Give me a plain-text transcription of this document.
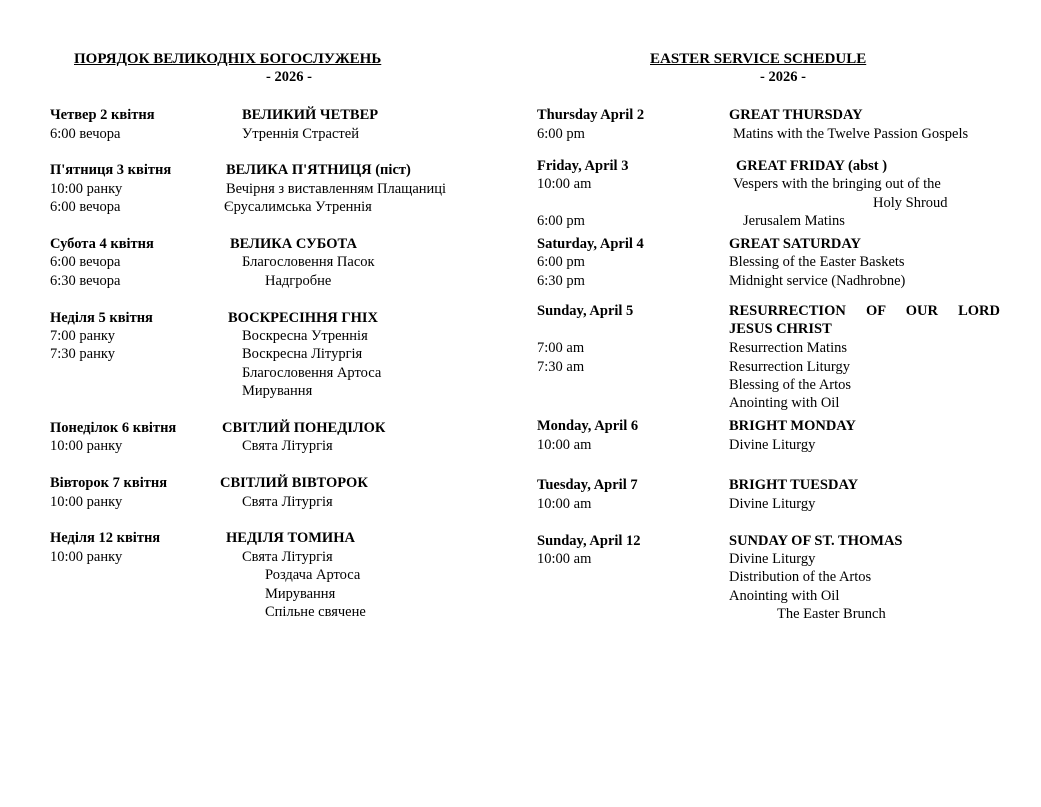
ПОРЯДОК ВЕЛИКОДНІХ БОГОСЛУЖЕНЬ
- 2026 -
Четвер 2 квітня	ВЕЛИКИЙ ЧЕТВЕР
6:00 вечора	Утреннія Страстей
П'ятниця 3 квітня	ВЕЛИКА П'ЯТНИЦЯ (піст)
10:00 ранку	Вечірня з виставленням Плащаниці
6:00 вечора	Єрусалимська Утреннія
Субота 4 квітня	ВЕЛИКА СУБОТА
6:00 вечора	Благословення Пасок
6:30 вечора	Надгробне
Неділя 5 квітня	ВОСКРЕСІННЯ ГНІХ
7:00 ранку	Воскресна Утреннія
7:30 ранку	Воскресна Літургія
Благословення Артоса
Мирування
Понеділок 6 квітня	СВІТЛИЙ ПОНЕДІЛОК
10:00 ранку	Свята Літургія
Вівторок 7 квітня	СВІТЛИЙ ВІВТОРОК
10:00 ранку	Свята Літургія
Неділя 12 квітня	НЕДІЛЯ ТОМИНА
10:00 ранку	Свята Літургія
Роздача Артоса
Мирування
Спільне свячене
EASTER SERVICE SCHEDULE
- 2026 -
Thursday April 2	GREAT THURSDAY
6:00 pm	Matins with the Twelve Passion Gospels
Friday, April 3	GREAT FRIDAY (abst )
10:00 am	Vespers with the bringing out of the
Holy Shroud
6:00 pm	Jerusalem Matins
Saturday, April 4	GREAT SATURDAY
6:00 pm	Blessing of the Easter Baskets
6:30 pm	Midnight service (Nadhrobne)
Sunday, April 5	RESURRECTION OF OUR LORD
JESUS CHRIST
7:00 am	Resurrection Matins
7:30 am	Resurrection Liturgy
Blessing of the Artos
Anointing with Oil
Monday, April 6	BRIGHT MONDAY
10:00 am	Divine Liturgy
Tuesday, April 7	BRIGHT TUESDAY
10:00 am	Divine Liturgy
Sunday, April 12	SUNDAY OF ST. THOMAS
10:00 am	Divine Liturgy
Distribution of the Artos
Anointing with Oil
The Easter Brunch
